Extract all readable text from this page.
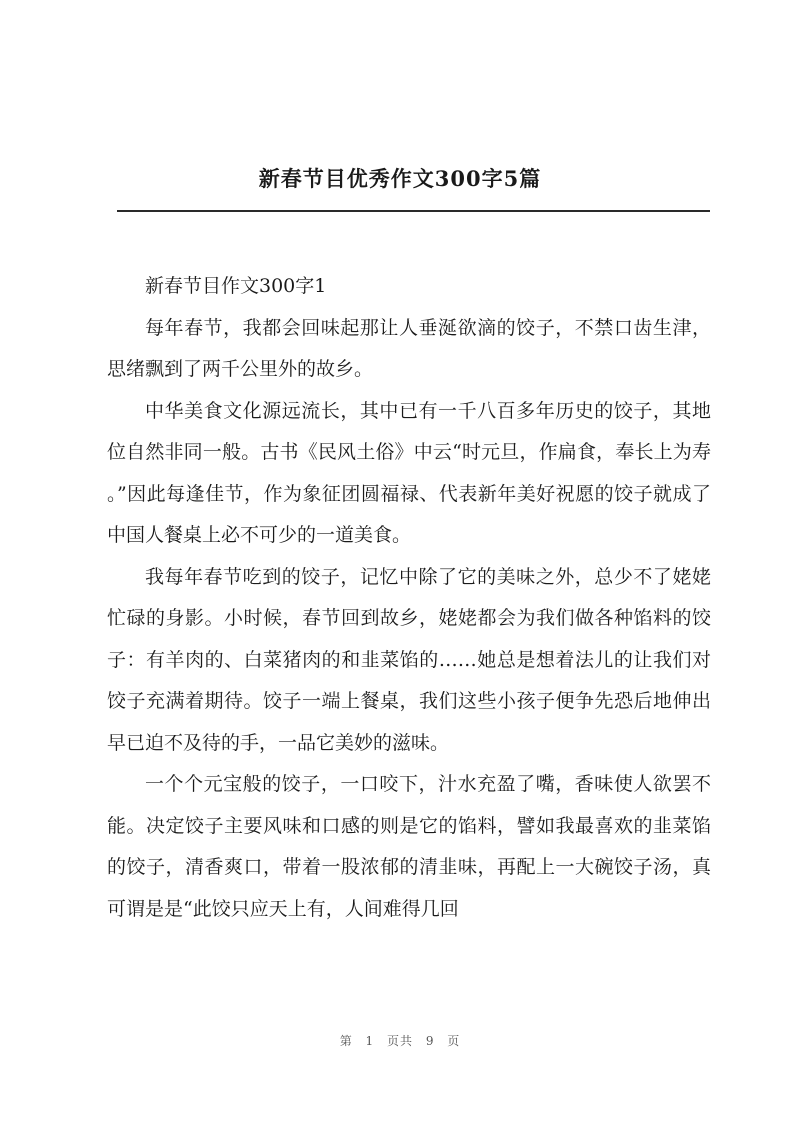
新春节目优秀作文300字5篇

新春节目作文300字1

每年春节，我都会回味起那让人垂涎欲滴的饺子，不禁口齿生津，思绪飘到了两千公里外的故乡。

中华美食文化源远流长，其中已有一千八百多年历史的饺子，其地位自然非同一般。古书《民风土俗》中云“时元旦，作扁食，奉长上为寿。”因此每逢佳节，作为象征团圆福禄、代表新年美好祝愿的饺子就成了中国人餐桌上必不可少的一道美食。

我每年春节吃到的饺子，记忆中除了它的美味之外，总少不了姥姥忙碌的身影。小时候，春节回到故乡，姥姥都会为我们做各种馅料的饺子：有羊肉的、白菜猪肉的和韭菜馅的……她总是想着法儿的让我们对饺子充满着期待。饺子一端上餐桌，我们这些小孩子便争先恐后地伸出早已迫不及待的手，一品它美妙的滋味。

一个个元宝般的饺子，一口咬下，汁水充盈了嘴，香味使人欲罢不能。决定饺子主要风味和口感的则是它的馅料，譬如我最喜欢的韭菜馅的饺子，清香爽口，带着一股浓郁的清韭味，再配上一大碗饺子汤，真可谓是是“此饺只应天上有，人间难得几回

第 1 页共 9 页
